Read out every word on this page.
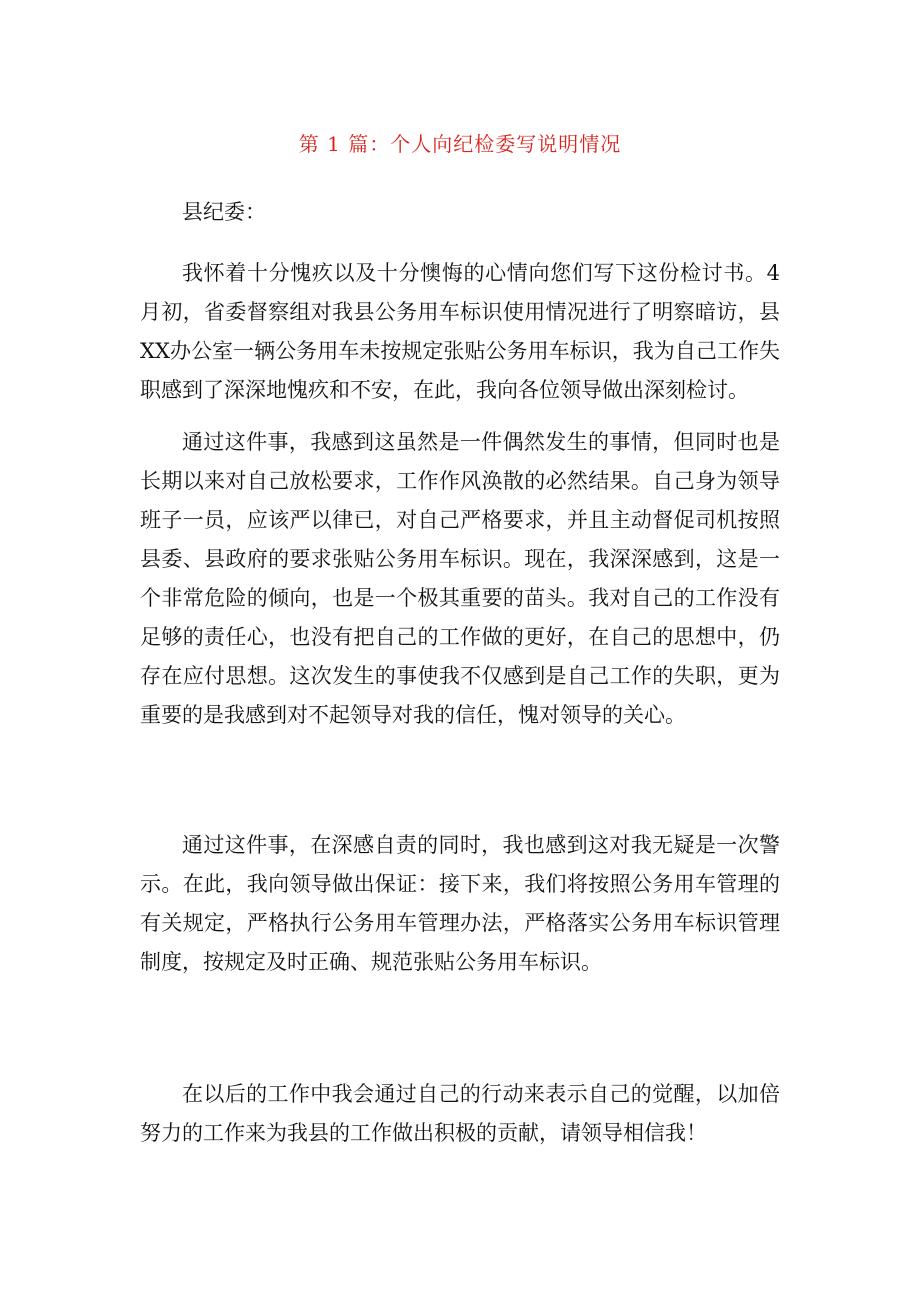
第 1 篇：个人向纪检委写说明情况
县纪委：

我怀着十分愧疚以及十分懊悔的心情向您们写下这份检讨书。4月初，省委督察组对我县公务用车标识使用情况进行了明察暗访，县XX办公室一辆公务用车未按规定张贴公务用车标识，我为自己工作失职感到了深深地愧疚和不安，在此，我向各位领导做出深刻检讨。

通过这件事，我感到这虽然是一件偶然发生的事情，但同时也是长期以来对自己放松要求，工作作风涣散的必然结果。自己身为领导班子一员，应该严以律已，对自己严格要求，并且主动督促司机按照县委、县政府的要求张贴公务用车标识。现在，我深深感到，这是一个非常危险的倾向，也是一个极其重要的苗头。我对自己的工作没有足够的责任心，也没有把自己的工作做的更好，在自己的思想中，仍存在应付思想。这次发生的事使我不仅感到是自己工作的失职，更为重要的是我感到对不起领导对我的信任，愧对领导的关心。

通过这件事，在深感自责的同时，我也感到这对我无疑是一次警示。在此，我向领导做出保证：接下来，我们将按照公务用车管理的有关规定，严格执行公务用车管理办法，严格落实公务用车标识管理制度，按规定及时正确、规范张贴公务用车标识。

在以后的工作中我会通过自己的行动来表示自己的觉醒，以加倍努力的工作来为我县的工作做出积极的贡献，请领导相信我！
